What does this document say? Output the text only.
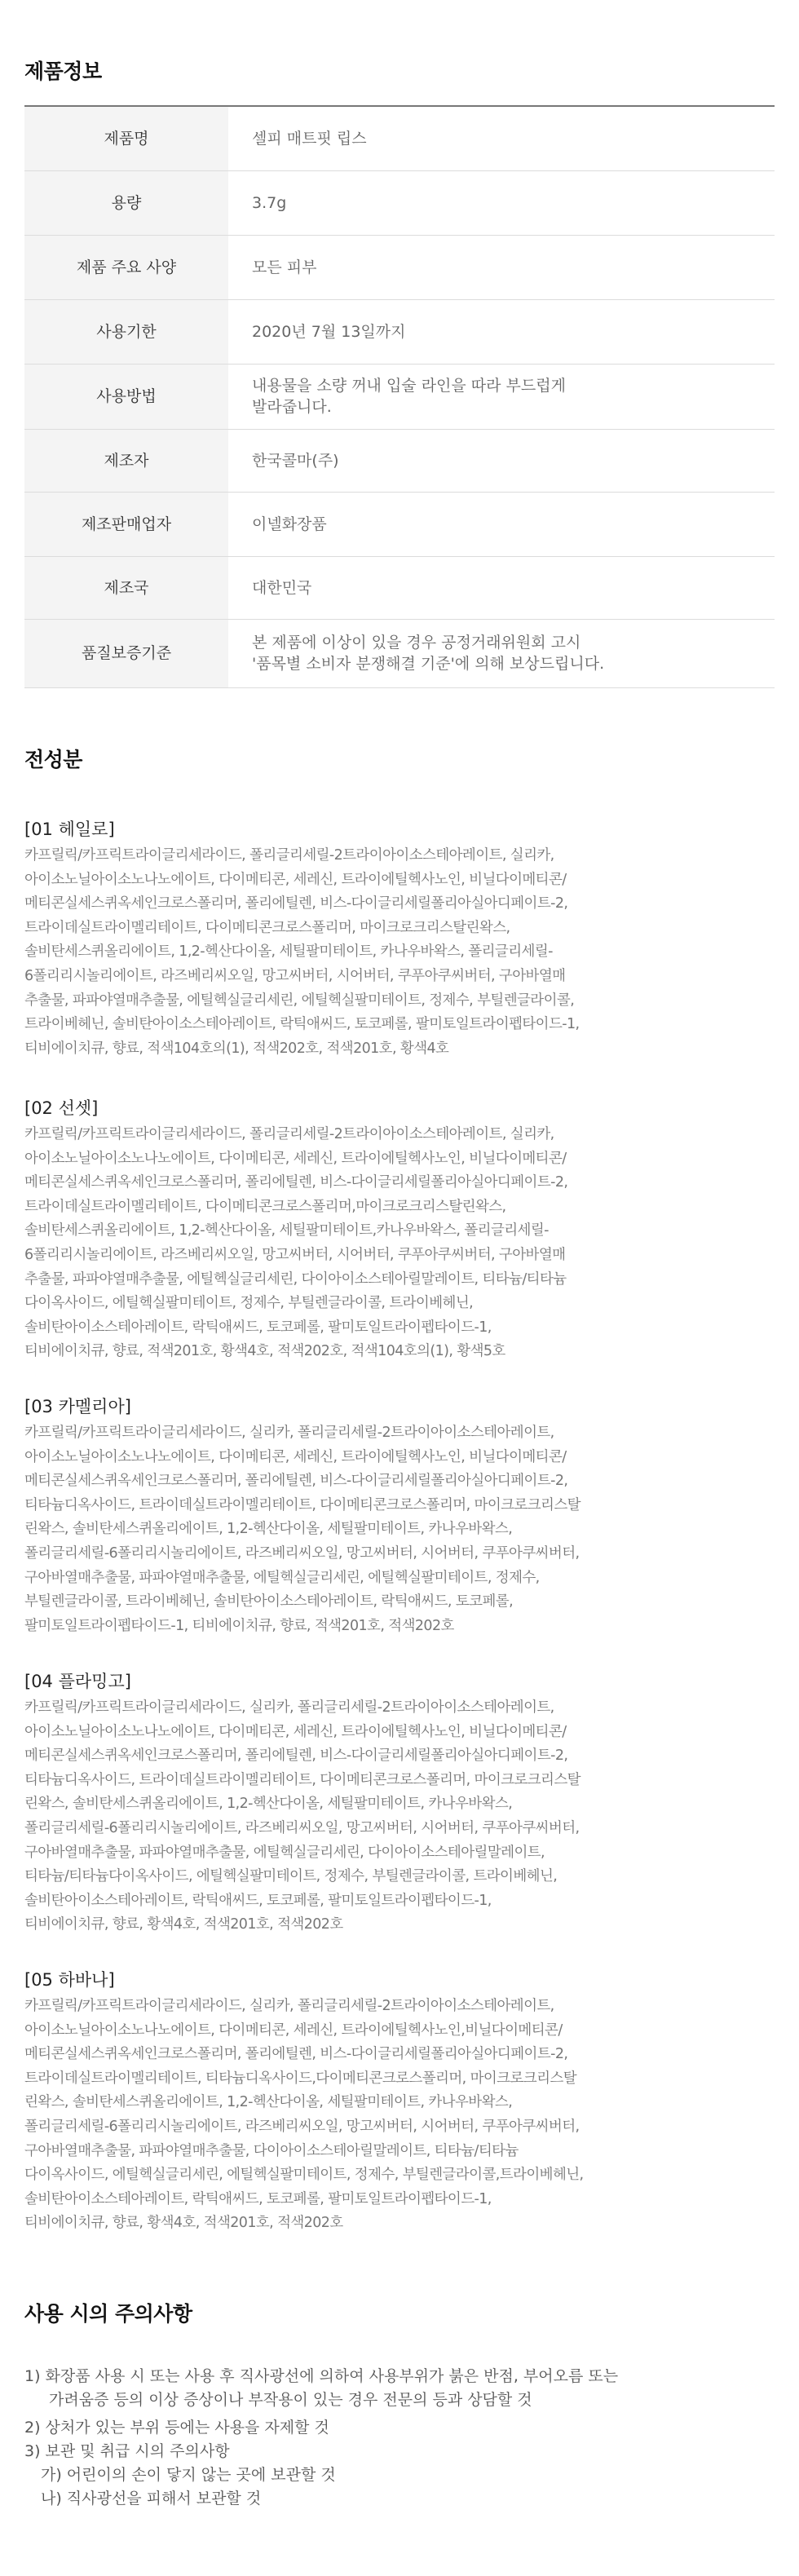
제품정보
제품명	셀피 매트핏 립스
용량	3.7g
제품 주요 사양	모든 피부
사용기한	2020년 7월 13일까지
사용방법	내용물을 소량 꺼내 입술 라인을 따라 부드럽게
발라줍니다.
제조자	한국콜마(주)
제조판매업자	이넬화장품
제조국	대한민국
품질보증기준	본 제품에 이상이 있을 경우 공정거래위원회 고시
'품목별 소비자 분쟁해결 기준'에 의해 보상드립니다.
전성분
[01 헤일로]
카프릴릭/카프릭트라이글리세라이드, 폴리글리세릴-2트라이아이소스테아레이트, 실리카,
아이소노닐아이소노나노에이트, 다이메티콘, 세레신, 트라이에틸헥사노인, 비닐다이메티콘/
메티콘실세스퀴옥세인크로스폴리머, 폴리에틸렌, 비스-다이글리세릴폴리아실아디페이트-2,
트라이데실트라이멜리테이트, 다이메티콘크로스폴리머, 마이크로크리스탈린왁스,
솔비탄세스퀴올리에이트, 1,2-헥산다이올, 세틸팔미테이트, 카나우바왁스, 폴리글리세릴-
6폴리리시놀리에이트, 라즈베리씨오일, 망고씨버터, 시어버터, 쿠푸아쿠씨버터, 구아바열매
추출물, 파파야열매추출물, 에틸헥실글리세린, 에틸헥실팔미테이트, 정제수, 부틸렌글라이콜,
트라이베헤닌, 솔비탄아이소스테아레이트, 락틱애씨드, 토코페롤, 팔미토일트라이펩타이드-1,
티비에이치큐, 향료, 적색104호의(1), 적색202호, 적색201호, 황색4호
[02 선셋]
카프릴릭/카프릭트라이글리세라이드, 폴리글리세릴-2트라이아이소스테아레이트, 실리카,
아이소노닐아이소노나노에이트, 다이메티콘, 세레신, 트라이에틸헥사노인, 비닐다이메티콘/
메티콘실세스퀴옥세인크로스폴리머, 폴리에틸렌, 비스-다이글리세릴폴리아실아디페이트-2,
트라이데실트라이멜리테이트, 다이메티콘크로스폴리머,마이크로크리스탈린왁스,
솔비탄세스퀴올리에이트, 1,2-헥산다이올, 세틸팔미테이트,카나우바왁스, 폴리글리세릴-
6폴리리시놀리에이트, 라즈베리씨오일, 망고씨버터, 시어버터, 쿠푸아쿠씨버터, 구아바열매
추출물, 파파야열매추출물, 에틸헥실글리세린, 다이아이소스테아릴말레이트, 티타늄/티타늄
다이옥사이드, 에틸헥실팔미테이트, 정제수, 부틸렌글라이콜, 트라이베헤닌,
솔비탄아이소스테아레이트, 락틱애씨드, 토코페롤, 팔미토일트라이펩타이드-1,
티비에이치큐, 향료, 적색201호, 황색4호, 적색202호, 적색104호의(1), 황색5호
[03 카멜리아]
카프릴릭/카프릭트라이글리세라이드, 실리카, 폴리글리세릴-2트라이아이소스테아레이트,
아이소노닐아이소노나노에이트, 다이메티콘, 세레신, 트라이에틸헥사노인, 비닐다이메티콘/
메티콘실세스퀴옥세인크로스폴리머, 폴리에틸렌, 비스-다이글리세릴폴리아실아디페이트-2,
티타늄디옥사이드, 트라이데실트라이멜리테이트, 다이메티콘크로스폴리머, 마이크로크리스탈
린왁스, 솔비탄세스퀴올리에이트, 1,2-헥산다이올, 세틸팔미테이트, 카나우바왁스,
폴리글리세릴-6폴리리시놀리에이트, 라즈베리씨오일, 망고씨버터, 시어버터, 쿠푸아쿠씨버터,
구아바열매추출물, 파파야열매추출물, 에틸헥실글리세린, 에틸헥실팔미테이트, 정제수,
부틸렌글라이콜, 트라이베헤닌, 솔비탄아이소스테아레이트, 락틱애씨드, 토코페롤,
팔미토일트라이펩타이드-1, 티비에이치큐, 향료, 적색201호, 적색202호
[04 플라밍고]
카프릴릭/카프릭트라이글리세라이드, 실리카, 폴리글리세릴-2트라이아이소스테아레이트,
아이소노닐아이소노나노에이트, 다이메티콘, 세레신, 트라이에틸헥사노인, 비닐다이메티콘/
메티콘실세스퀴옥세인크로스폴리머, 폴리에틸렌, 비스-다이글리세릴폴리아실아디페이트-2,
티타늄디옥사이드, 트라이데실트라이멜리테이트, 다이메티콘크로스폴리머, 마이크로크리스탈
린왁스, 솔비탄세스퀴올리에이트, 1,2-헥산다이올, 세틸팔미테이트, 카나우바왁스,
폴리글리세릴-6폴리리시놀리에이트, 라즈베리씨오일, 망고씨버터, 시어버터, 쿠푸아쿠씨버터,
구아바열매추출물, 파파야열매추출물, 에틸헥실글리세린, 다이아이소스테아릴말레이트,
티타늄/티타늄다이옥사이드, 에틸헥실팔미테이트, 정제수, 부틸렌글라이콜, 트라이베헤닌,
솔비탄아이소스테아레이트, 락틱애씨드, 토코페롤, 팔미토일트라이펩타이드-1,
티비에이치큐, 향료, 황색4호, 적색201호, 적색202호
[05 하바나]
카프릴릭/카프릭트라이글리세라이드, 실리카, 폴리글리세릴-2트라이아이소스테아레이트,
아이소노닐아이소노나노에이트, 다이메티콘, 세레신, 트라이에틸헥사노인,비닐다이메티콘/
메티콘실세스퀴옥세인크로스폴리머, 폴리에틸렌, 비스-다이글리세릴폴리아실아디페이트-2,
트라이데실트라이멜리테이트, 티타늄디옥사이드,다이메티콘크로스폴리머, 마이크로크리스탈
린왁스, 솔비탄세스퀴올리에이트, 1,2-헥산다이올, 세틸팔미테이트, 카나우바왁스,
폴리글리세릴-6폴리리시놀리에이트, 라즈베리씨오일, 망고씨버터, 시어버터, 쿠푸아쿠씨버터,
구아바열매추출물, 파파야열매추출물, 다이아이소스테아릴말레이트, 티타늄/티타늄
다이옥사이드, 에틸헥실글리세린, 에틸헥실팔미테이트, 정제수, 부틸렌글라이콜,트라이베헤닌,
솔비탄아이소스테아레이트, 락틱애씨드, 토코페롤, 팔미토일트라이펩타이드-1,
티비에이치큐, 향료, 황색4호, 적색201호, 적색202호
사용 시의 주의사항
1) 화장품 사용 시 또는 사용 후 직사광선에 의하여 사용부위가 붉은 반점, 부어오름 또는
가려움증 등의 이상 증상이나 부작용이 있는 경우 전문의 등과 상담할 것
2) 상처가 있는 부위 등에는 사용을 자제할 것
3) 보관 및 취급 시의 주의사항
가) 어린이의 손이 닿지 않는 곳에 보관할 것
나) 직사광선을 피해서 보관할 것
